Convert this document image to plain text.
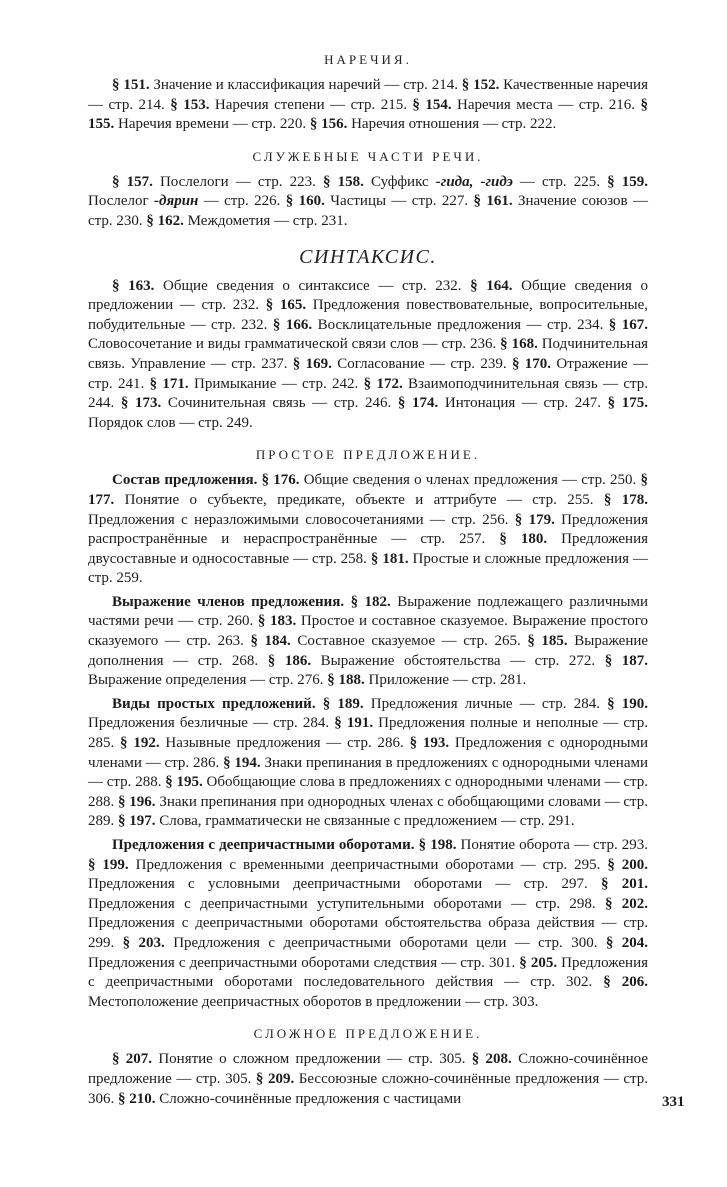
НАРЕЧИЯ.

§ 151. Значение и классификация наречий — стр. 214. § 152. Качественные наречия — стр. 214. § 153. Наречия степени — стр. 215. § 154. Наречия места — стр. 216. § 155. Наречия времени — стр. 220. § 156. Наречия отношения — стр. 222.

СЛУЖЕБНЫЕ ЧАСТИ РЕЧИ.

§ 157. Послелоги — стр. 223. § 158. Суффикс -гида, -гидэ — стр. 225. § 159. Послелог -дярин — стр. 226. § 160. Частицы — стр. 227. § 161. Значение союзов — стр. 230. § 162. Междометия — стр. 231.

СИНТАКСИС.

§ 163. Общие сведения о синтаксисе — стр. 232. § 164. Общие сведения о предложении — стр. 232. § 165. Предложения повествовательные, вопросительные, побудительные — стр. 232. § 166. Восклицательные предложения — стр. 234. § 167. Словосочетание и виды грамматической связи слов — стр. 236. § 168. Подчинительная связь. Управление — стр. 237. § 169. Согласование — стр. 239. § 170. Отражение — стр. 241. § 171. Примыкание — стр. 242. § 172. Взаимоподчинительная связь — стр. 244. § 173. Сочинительная связь — стр. 246. § 174. Интонация — стр. 247. § 175. Порядок слов — стр. 249.

ПРОСТОЕ ПРЕДЛОЖЕНИЕ.

Состав предложения. § 176. Общие сведения о членах предложения — стр. 250. § 177. Понятие о субъекте, предикате, объекте и аттрибуте — стр. 255. § 178. Предложения с неразложимыми словосочетаниями — стр. 256. § 179. Предложения распространённые и нераспространённые — стр. 257. § 180. Предложения двусоставные и односоставные — стр. 258. § 181. Простые и сложные предложения — стр. 259.

Выражение членов предложения. § 182. Выражение подлежащего различными частями речи — стр. 260. § 183. Простое и составное сказуемое. Выражение простого сказуемого — стр. 263. § 184. Составное сказуемое — стр. 265. § 185. Выражение дополнения — стр. 268. § 186. Выражение обстоятельства — стр. 272. § 187. Выражение определения — стр. 276. § 188. Приложение — стр. 281.

Виды простых предложений. § 189. Предложения личные — стр. 284. § 190. Предложения безличные — стр. 284. § 191. Предложения полные и неполные — стр. 285. § 192. Назывные предложения — стр. 286. § 193. Предложения с однородными членами — стр. 286. § 194. Знаки препинания в предложениях с однородными членами — стр. 288. § 195. Обобщающие слова в предложениях с однородными членами — стр. 288. § 196. Знаки препинания при однородных членах с обобщающими словами — стр. 289. § 197. Слова, грамматически не связанные с предложением — стр. 291.

Предложения с деепричастными оборотами. § 198. Понятие оборота — стр. 293. § 199. Предложения с временными деепричастными оборотами — стр. 295. § 200. Предложения с условными деепричастными оборотами — стр. 297. § 201. Предложения с деепричастными уступительными оборотами — стр. 298. § 202. Предложения с деепричастными оборотами обстоятельства образа действия — стр. 299. § 203. Предложения с деепричастными оборотами цели — стр. 300. § 204. Предложения с деепричастными оборотами следствия — стр. 301. § 205. Предложения с деепричастными оборотами последовательного действия — стр. 302. § 206. Местоположение деепричастных оборотов в предложении — стр. 303.

СЛОЖНОЕ ПРЕДЛОЖЕНИЕ.

§ 207. Понятие о сложном предложении — стр. 305. § 208. Сложно-сочинённое предложение — стр. 305. § 209. Бессоюзные сложно-сочинённые предложения — стр. 306. § 210. Сложно-сочинённые предложения с частицами	331
